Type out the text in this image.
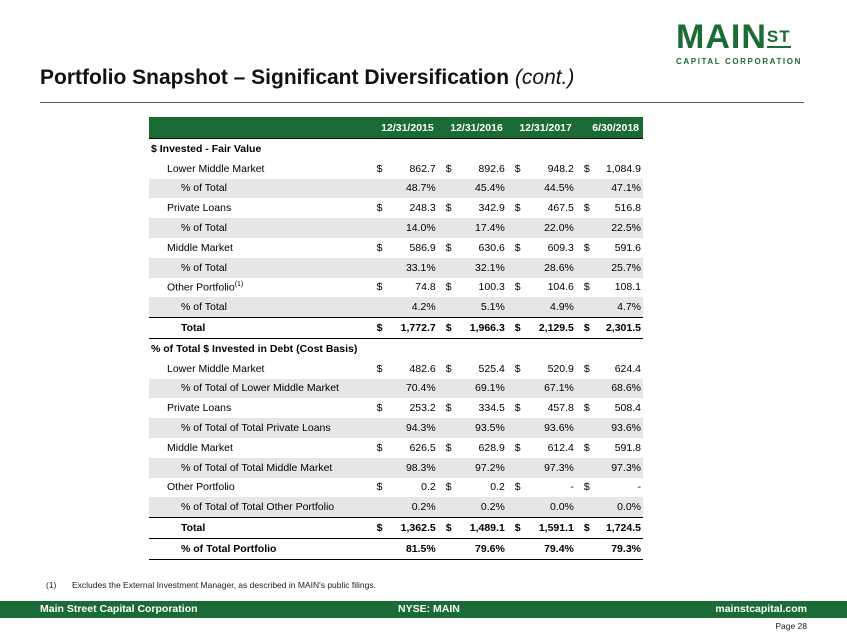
$MAIN^{ST}$
CAPITAL CORPORATION
Portfolio Snapshot – Significant Diversification (cont.)
	12/31/2015		12/31/2016		12/31/2017		6/30/2018	
$ Invested - Fair Value								
Lower Middle Market	$	862.7	$	892.6	$	948.2	$	1,084.9
% of Total	48.7%		45.4%		44.5%		47.1%	
Private Loans	$	248.3	$	342.9	$	467.5	$	516.8
% of Total	14.0%		17.4%		22.0%		22.5%	
Middle Market	$	586.9	$	630.6	$	609.3	$	591.6
% of Total	33.1%		32.1%		28.6%		25.7%	
Other Portfolio$^{(1)}$	$	74.8	$	100.3	$	104.6	$	108.1
% of Total	4.2%		5.1%		4.9%		4.7%	
Total	$	1,772.7	$	1,966.3	$	2,129.5	$	2,301.5
% of Total $ Invested in Debt (Cost Basis)								
Lower Middle Market	$	482.6	$	525.4	$	520.9	$	624.4
% of Total of Lower Middle Market	70.4%		69.1%		67.1%		68.6%	
Private Loans	$	253.2	$	334.5	$	457.8	$	508.4
% of Total of Total Private Loans	94.3%		93.5%		93.6%		93.6%	
Middle Market	$	626.5	$	628.9	$	612.4	$	591.8
% of Total of Total Middle Market	98.3%		97.2%		97.3%		97.3%	
Other Portfolio	$	0.2	$	0.2	$	-	$	-
% of Total of Total Other Portfolio	0.2%		0.2%		0.0%		0.0%	
Total	$	1,362.5	$	1,489.1	$	1,591.1	$	1,724.5
% of Total Portfolio	81.5%		79.6%		79.4%		79.3%	
(1) Excludes the External Investment Manager, as described in MAIN's public filings.
Main Street Capital Corporation	NYSE: MAIN	mainstcapital.com
Page 28
